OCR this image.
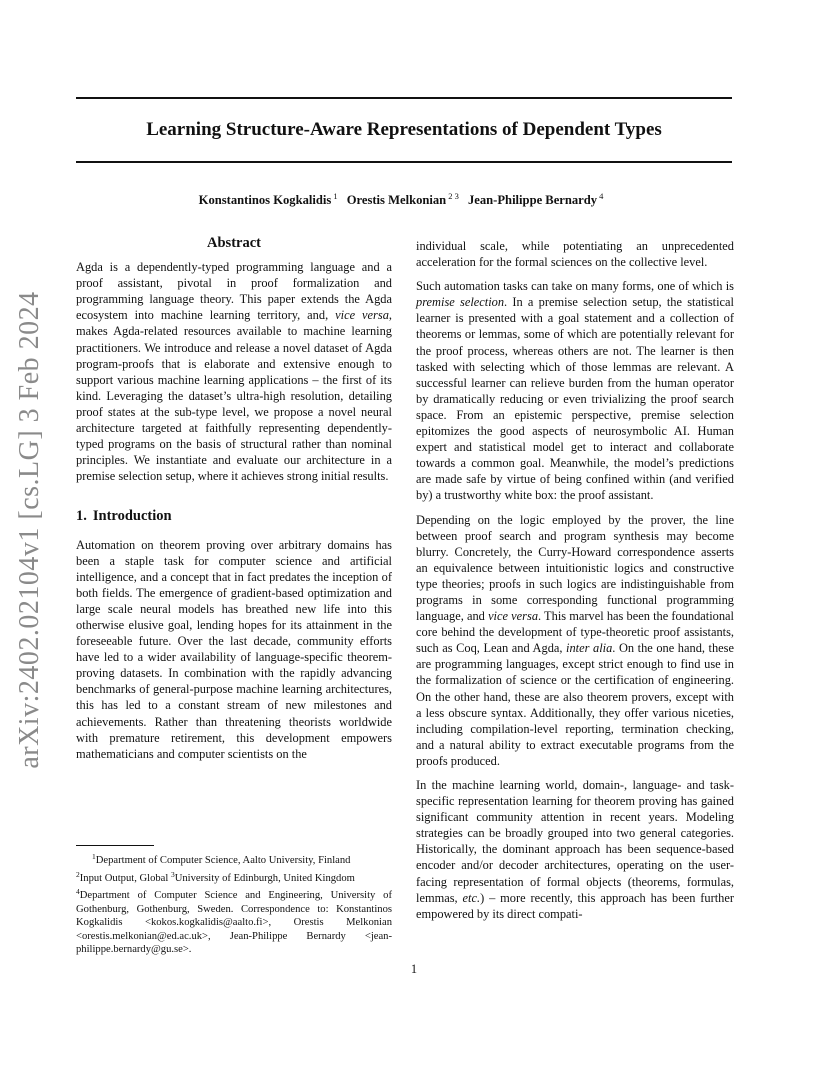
arXiv:2402.02104v1 [cs.LG] 3 Feb 2024
Learning Structure-Aware Representations of Dependent Types
Konstantinos Kogkalidis $^1$ Orestis Melkonian $^{2 3}$ Jean-Philippe Bernardy $^4$
Abstract

Agda is a dependently-typed programming language and a proof assistant, pivotal in proof formalization and programming language theory. This paper extends the Agda ecosystem into machine learning territory, and, vice versa, makes Agda-related resources available to machine learning practitioners. We introduce and release a novel dataset of Agda program-proofs that is elaborate and extensive enough to support various machine learning applications – the first of its kind. Leveraging the dataset’s ultra-high resolution, detailing proof states at the sub-type level, we propose a novel neural architecture targeted at faithfully representing dependently-typed programs on the basis of structural rather than nominal principles. We instantiate and evaluate our architecture in a premise selection setup, where it achieves strong initial results.

1. Introduction

Automation on theorem proving over arbitrary domains has been a staple task for computer science and artificial intelligence, and a concept that in fact predates the inception of both fields. The emergence of gradient-based optimization and large scale neural models has breathed new life into this otherwise elusive goal, lending hopes for its attainment in the foreseeable future. Over the last decade, community efforts have led to a wider availability of language-specific theorem-proving datasets. In combination with the rapidly advancing benchmarks of general-purpose machine learning architectures, this has led to a constant stream of new milestones and achievements. Rather than threatening theorists worldwide with premature retirement, this development empowers mathematicians and computer scientists on the

$^1$Department of Computer Science, Aalto University, Finland
$^2$Input Output, Global $^3$University of Edinburgh, United Kingdom
$^4$Department of Computer Science and Engineering, University of Gothenburg, Gothenburg, Sweden. Correspondence to: Konstantinos Kogkalidis <kokos.kogkalidis@aalto.fi>, Orestis Melkonian <orestis.melkonian@ed.ac.uk>, Jean-Philippe Bernardy <jean-philippe.bernardy@gu.se>.

individual scale, while potentiating an unprecedented acceleration for the formal sciences on the collective level.

Such automation tasks can take on many forms, one of which is premise selection. In a premise selection setup, the statistical learner is presented with a goal statement and a collection of theorems or lemmas, some of which are potentially relevant for the proof process, whereas others are not. The learner is then tasked with selecting which of those lemmas are relevant. A successful learner can relieve burden from the human operator by dramatically reducing or even trivializing the proof search space. From an epistemic perspective, premise selection epitomizes the good aspects of neurosymbolic AI. Human expert and statistical model get to interact and collaborate towards a common goal. Meanwhile, the model’s predictions are made safe by virtue of being confined within (and verified by) a trustworthy white box: the proof assistant.

Depending on the logic employed by the prover, the line between proof search and program synthesis may become blurry. Concretely, the Curry-Howard correspondence asserts an equivalence between intuitionistic logics and constructive type theories; proofs in such logics are indistinguishable from programs in some corresponding functional programming language, and vice versa. This marvel has been the foundational core behind the development of type-theoretic proof assistants, such as Coq, Lean and Agda, inter alia. On the one hand, these are programming languages, except strict enough to find use in the formalization of science or the certification of engineering. On the other hand, these are also theorem provers, except with a less obscure syntax. Additionally, they offer various niceties, including compilation-level reporting, termination checking, and a natural ability to extract executable programs from the proofs produced.

In the machine learning world, domain-, language- and task-specific representation learning for theorem proving has gained significant community attention in recent years. Modeling strategies can be broadly grouped into two general categories. Historically, the dominant approach has been sequence-based encoder and/or decoder architectures, operating on the user-facing representation of formal objects (theorems, formulas, lemmas, etc.) – more recently, this approach has been further empowered by its direct compati-

1
